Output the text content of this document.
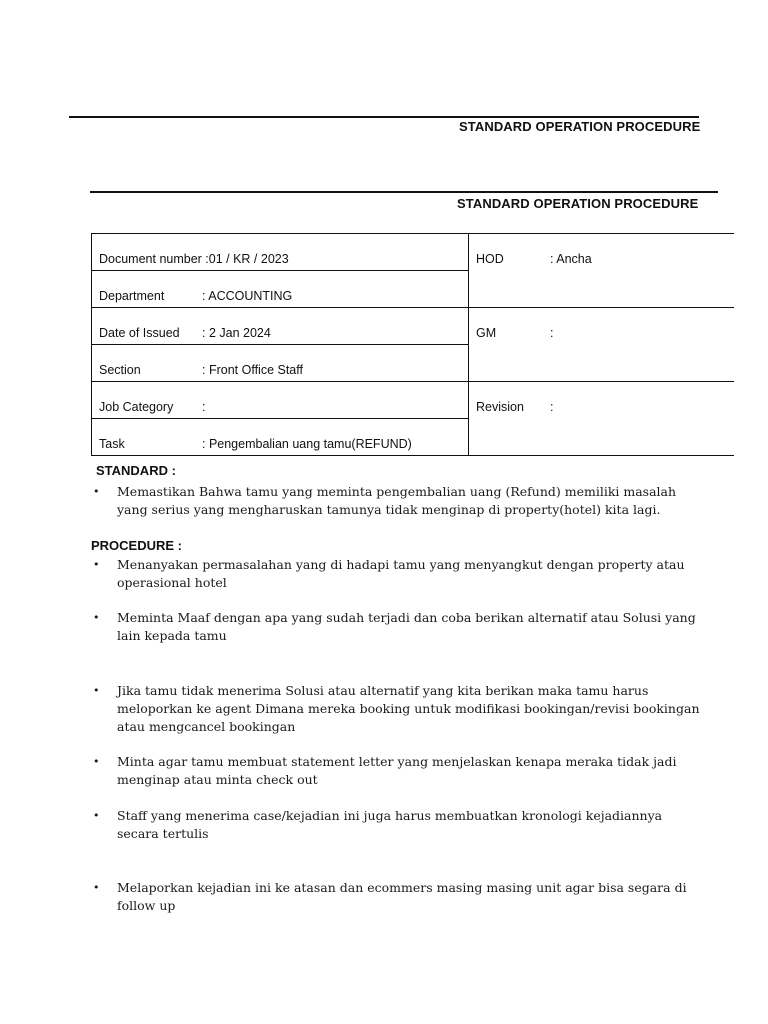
STANDARD OPERATION PROCEDURE
STANDARD OPERATION PROCEDURE
Document number :01 / KR / 2023	HOD : Ancha
Department : ACCOUNTING	
Date of Issued : 2 Jan 2024	GM :
Section : Front Office Staff	
Job Category :	Revision :
Task : Pengembalian uang tamu(REFUND)	
STANDARD :
• Memastikan Bahwa tamu yang meminta pengembalian uang (Refund) memiliki masalah yang serius yang mengharuskan tamunya tidak menginap di property(hotel) kita lagi.
PROCEDURE :
• Menanyakan permasalahan yang di hadapi tamu yang menyangkut dengan property atau operasional hotel
• Meminta Maaf dengan apa yang sudah terjadi dan coba berikan alternatif atau Solusi yang lain kepada tamu
• Jika tamu tidak menerima Solusi atau alternatif yang kita berikan maka tamu harus meloporkan ke agent Dimana mereka booking untuk modifikasi bookingan/revisi bookingan atau mengcancel bookingan
• Minta agar tamu membuat statement letter yang menjelaskan kenapa meraka tidak jadi menginap atau minta check out
• Staff yang menerima case/kejadian ini juga harus membuatkan kronologi kejadiannya secara tertulis
• Melaporkan kejadian ini ke atasan dan ecommers masing masing unit agar bisa segara di follow up
